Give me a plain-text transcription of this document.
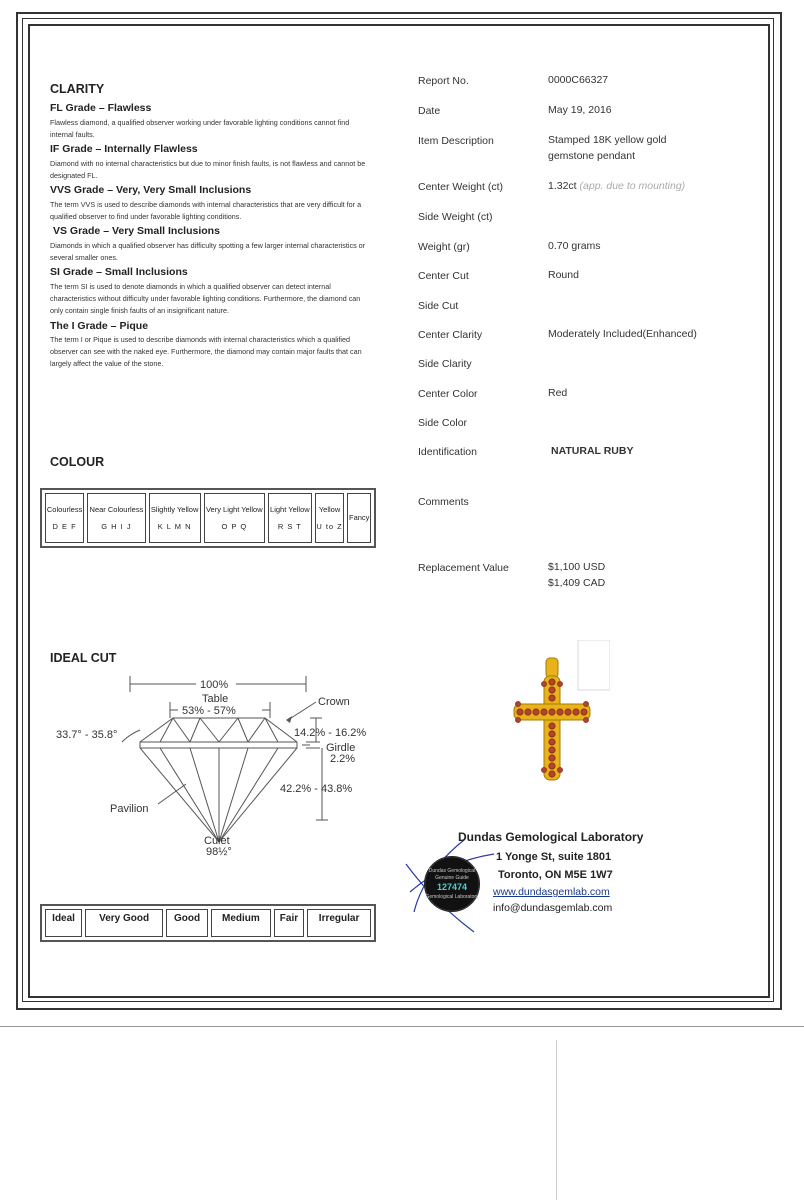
CLARITY
FL Grade – Flawless
Flawless diamond, a qualified observer working under favorable lighting conditions cannot find internal faults.
IF Grade – Internally Flawless
Diamond with no internal characteristics but due to minor finish faults, is not flawless and cannot be designated FL.
VVS Grade – Very, Very Small Inclusions
The term VVS is used to describe diamonds with internal characteristics that are very difficult for a qualified observer to find under favorable lighting conditions.
VS Grade – Very Small Inclusions
Diamonds in which a qualified observer has difficulty spotting a few larger internal characteristics or several smaller ones.
SI Grade – Small Inclusions
The term SI is used to denote diamonds in which a qualified observer can detect internal characteristics without difficulty under favorable lighting conditions. Furthermore, the diamond can only contain single finish faults of an insignificant nature.
The I Grade – Pique
The term I or Pique is used to describe diamonds with internal characteristics which a qualified observer can see with the naked eye. Furthermore, the diamond may contain major faults that can largely affect the value of the stone.
COLOUR
Colourless
D E F

Near Colourless
G H I J

Slightly Yellow
K L M N

Very Light Yellow
O P Q

Light Yellow
R S T

Yellow
U to Z

Fancy
IDEAL CUT
100%
Table
53% - 57%
Crown
33.7° - 35.8°	14.2% - 16.2%
Girdle
2.2%
42.2% - 43.8%
Pavilion
Culet
98½°
Ideal	Very Good	Good	Medium	Fair	Irregular
Report No.	0000C66327
Date	May 19, 2016
Item Description	Stamped 18K yellow gold gemstone pendant
Center Weight (ct)	1.32ct (app. due to mounting)
Side Weight (ct)
Weight (gr)	0.70 grams
Center Cut	Round
Side Cut
Center Clarity	Moderately Included(Enhanced)
Side Clarity
Center Color	Red
Side Color
Identification	NATURAL RUBY
Comments
Replacement Value	$1,100 USD
$1,409 CAD
Dundas Gemological
Genuine Guide
127474
Gemological Laboratory
Dundas Gemological Laboratory
1 Yonge St, suite 1801
Toronto, ON M5E 1W7
www.dundasgemlab.com
info@dundasgemlab.com
